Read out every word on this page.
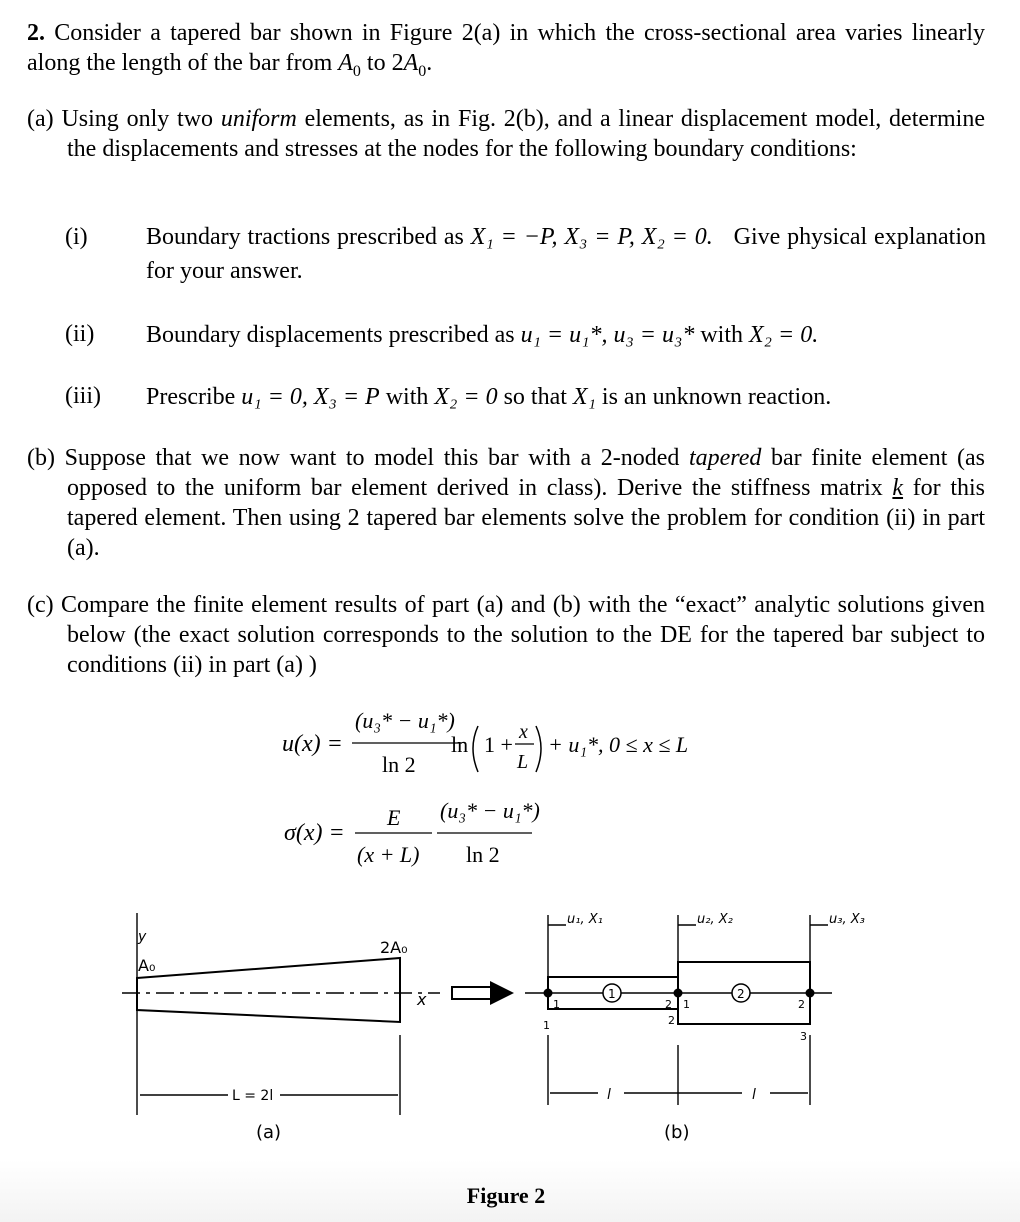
2. Consider a tapered bar shown in Figure 2(a) in which the cross-sectional area varies linearly along the length of the bar from $A_0$ to $2A_0$.
(a) Using only two uniform elements, as in Fig. 2(b), and a linear displacement model, determine the displacements and stresses at the nodes for the following boundary conditions:
(i) Boundary tractions prescribed as X₁ = −P, X₃ = P, X₂ = 0. Give physical explanation for your answer.
(ii) Boundary displacements prescribed as u₁ = u₁*, u₃ = u₃* with X₂ = 0.
(iii) Prescribe u₁ = 0, X₃ = P with X₂ = 0 so that X₁ is an unknown reaction.
(b) Suppose that we now want to model this bar with a 2-noded tapered bar finite element (as opposed to the uniform bar element derived in class). Derive the stiffness matrix k for this tapered element. Then using 2 tapered bar elements solve the problem for condition (ii) in part (a).
(c) Compare the finite element results of part (a) and (b) with the “exact” analytic solutions given below (the exact solution corresponds to the solution to the DE for the tapered bar subject to conditions (ii) in part (a) )
u(x) =
(u₃* − u₁*)
ln 2
ln 1 + x
L
+ u₁* , 0 ≤ x ≤ L
σ(x) =
E
(x + L)
(u₃* − u₁*)
ln 2
y
A₀
2A₀
x
L = 2l
(a)
1	2
1
1
2 1
2
2
3
u₁, X₁	u₂, X₂	u₃, X₃
l	l
(b)
Figure 2
